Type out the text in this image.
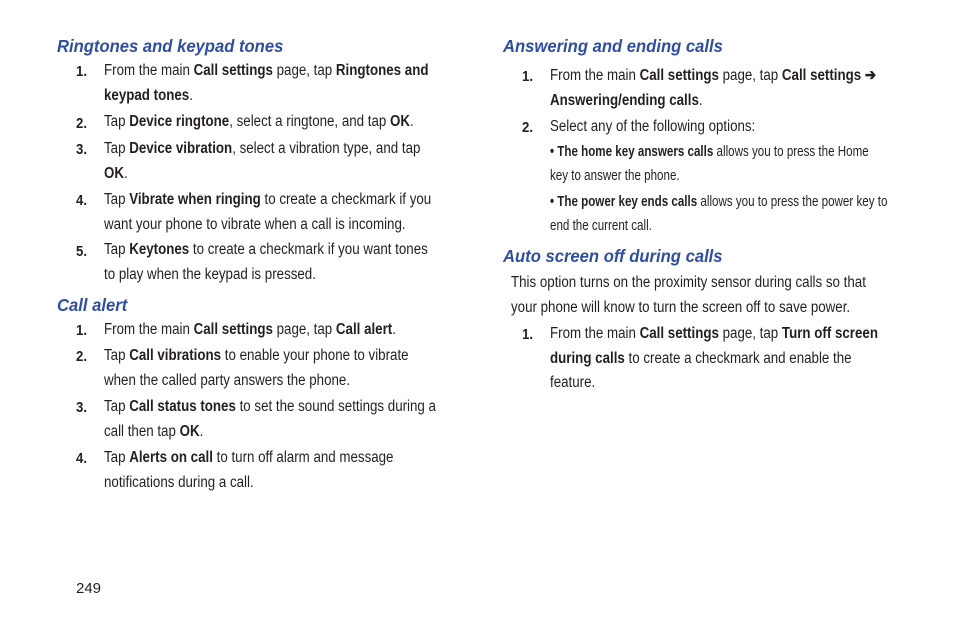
Ringtones and keypad tones
1. From the main Call settings page, tap Ringtones and
keypad tones.
2. Tap Device ringtone, select a ringtone, and tap OK.
3. Tap Device vibration, select a vibration type, and tap
OK.
4. Tap Vibrate when ringing to create a checkmark if you
want your phone to vibrate when a call is incoming.
5. Tap Keytones to create a checkmark if you want tones
to play when the keypad is pressed.
Call alert
1. From the main Call settings page, tap Call alert.
2. Tap Call vibrations to enable your phone to vibrate
when the called party answers the phone.
3. Tap Call status tones to set the sound settings during a
call then tap OK.
4. Tap Alerts on call to turn off alarm and message
notifications during a call.
Answering and ending calls
1. From the main Call settings page, tap Call settings ➔
Answering/ending calls.
2. Select any of the following options:
• The home key answers calls allows you to press the Home
key to answer the phone.
• The power key ends calls allows you to press the power key to
end the current call.
Auto screen off during calls
This option turns on the proximity sensor during calls so that
your phone will know to turn the screen off to save power.
1. From the main Call settings page, tap Turn off screen
during calls to create a checkmark and enable the
feature.
249
